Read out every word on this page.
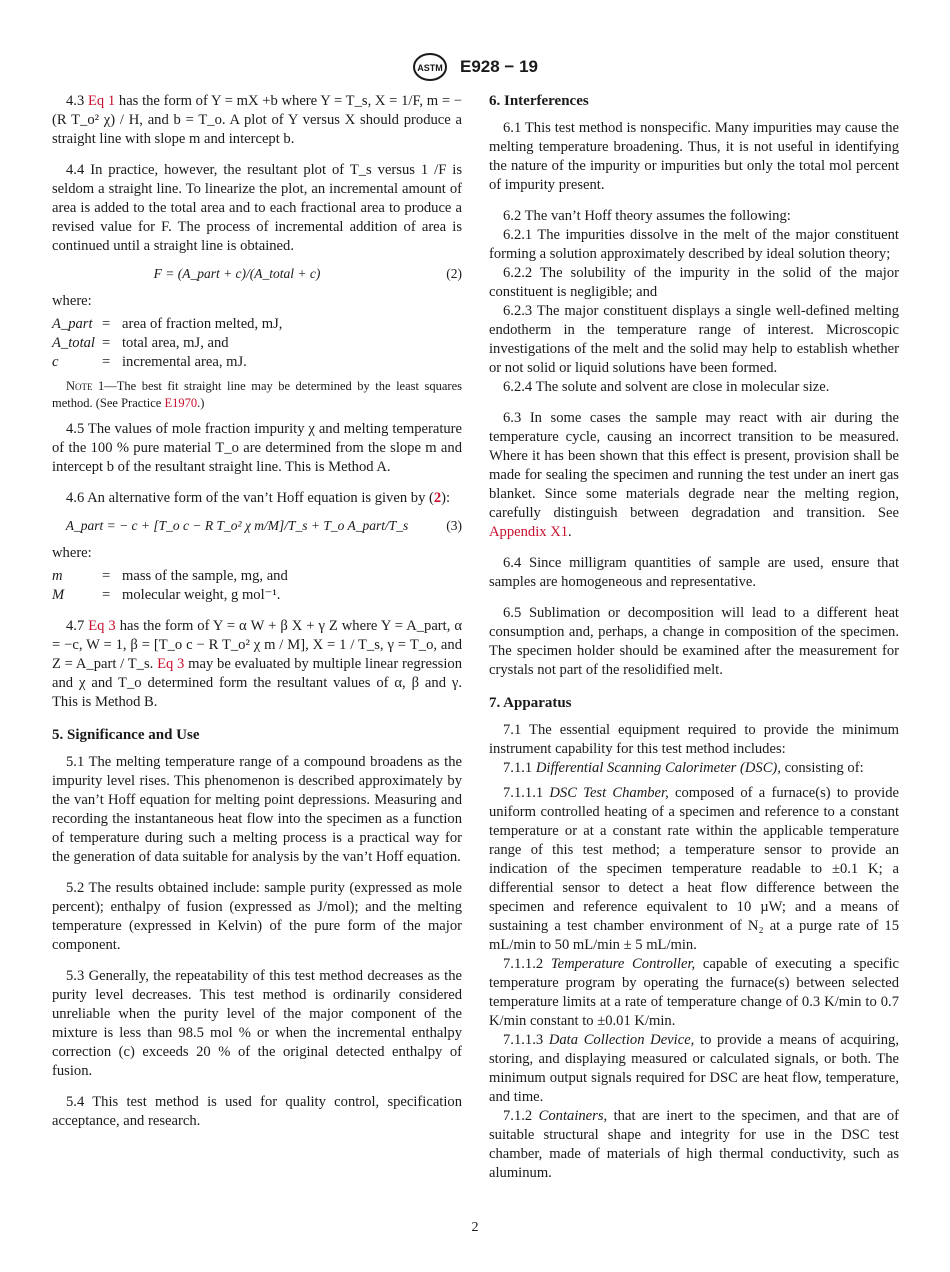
ASTM E928 − 19

4.3 Eq 1 has the form of Y = mX +b where Y = T_s, X = 1/F, m = −(R T_o² χ) / H, and b = T_o. A plot of Y versus X should produce a straight line with slope m and intercept b.

4.4 In practice, however, the resultant plot of T_s versus 1 /F is seldom a straight line. To linearize the plot, an incremental amount of area is added to the total area and to each fractional area to produce a revised value for F. The process of incremental addition of area is continued until a straight line is obtained.

F = (A_part + c)/(A_total + c)	(2)
where:
A_part	=	area of fraction melted, mJ,
A_total	=	total area, mJ, and
c	=	incremental area, mJ.
Note 1—The best fit straight line may be determined by the least squares method. (See Practice E1970.)

4.5 The values of mole fraction impurity χ and melting temperature of the 100 % pure material T_o are determined from the slope m and intercept b of the resultant straight line. This is Method A.

4.6 An alternative form of the van’t Hoff equation is given by (2):

A_part = − c + [T_o c − R T_o² χ m/M]/T_s + T_o A_part/T_s	(3)
where:
m	=	mass of the sample, mg, and
M	=	molecular weight, g mol⁻¹.

4.7 Eq 3 has the form of Y = α W + β X + γ Z where Y = A_part, α = −c, W = 1, β = [T_o c − R T_o² χ m / M], X = 1 / T_s, γ = T_o, and Z = A_part / T_s. Eq 3 may be evaluated by multiple linear regression and χ and T_o determined form the resultant values of α, β and γ. This is Method B.

5. Significance and Use

5.1 The melting temperature range of a compound broadens as the impurity level rises. This phenomenon is described approximately by the van’t Hoff equation for melting point depressions. Measuring and recording the instantaneous heat flow into the specimen as a function of temperature during such a melting process is a practical way for the generation of data suitable for analysis by the van’t Hoff equation.

5.2 The results obtained include: sample purity (expressed as mole percent); enthalpy of fusion (expressed as J/mol); and the melting temperature (expressed in Kelvin) of the pure form of the major component.

5.3 Generally, the repeatability of this test method decreases as the purity level decreases. This test method is ordinarily considered unreliable when the purity level of the major component of the mixture is less than 98.5 mol % or when the incremental enthalpy correction (c) exceeds 20 % of the original detected enthalpy of fusion.

5.4 This test method is used for quality control, specification acceptance, and research.

6. Interferences

6.1 This test method is nonspecific. Many impurities may cause the melting temperature broadening. Thus, it is not useful in identifying the nature of the impurity or impurities but only the total mol percent of impurity present.

6.2 The van’t Hoff theory assumes the following:

6.2.1 The impurities dissolve in the melt of the major constituent forming a solution approximately described by ideal solution theory;

6.2.2 The solubility of the impurity in the solid of the major constituent is negligible; and

6.2.3 The major constituent displays a single well-defined melting endotherm in the temperature range of interest. Microscopic investigations of the melt and the solid may help to establish whether or not solid or liquid solutions have been formed.

6.2.4 The solute and solvent are close in molecular size.

6.3 In some cases the sample may react with air during the temperature cycle, causing an incorrect transition to be measured. Where it has been shown that this effect is present, provision shall be made for sealing the specimen and running the test under an inert gas blanket. Since some materials degrade near the melting region, carefully distinguish between degradation and transition. See Appendix X1.

6.4 Since milligram quantities of sample are used, ensure that samples are homogeneous and representative.

6.5 Sublimation or decomposition will lead to a different heat consumption and, perhaps, a change in composition of the specimen. The specimen holder should be examined after the measurement for crystals not part of the resolidified melt.

7. Apparatus

7.1 The essential equipment required to provide the minimum instrument capability for this test method includes:

7.1.1 Differential Scanning Calorimeter (DSC), consisting of:

7.1.1.1 DSC Test Chamber, composed of a furnace(s) to provide uniform controlled heating of a specimen and reference to a constant temperature or at a constant rate within the applicable temperature range of this test method; a temperature sensor to provide an indication of the specimen temperature readable to ±0.1 K; a differential sensor to detect a heat flow difference between the specimen and reference equivalent to 10 µW; and a means of sustaining a test chamber environment of N₂ at a purge rate of 15 mL/min to 50 mL/min ± 5 mL/min.

7.1.1.2 Temperature Controller, capable of executing a specific temperature program by operating the furnace(s) between selected temperature limits at a rate of temperature change of 0.3 K/min to 0.7 K/min constant to ±0.01 K/min.

7.1.1.3 Data Collection Device, to provide a means of acquiring, storing, and displaying measured or calculated signals, or both. The minimum output signals required for DSC are heat flow, temperature, and time.

7.1.2 Containers, that are inert to the specimen, and that are of suitable structural shape and integrity for use in the DSC test chamber, made of materials of high thermal conductivity, such as aluminum.

2
